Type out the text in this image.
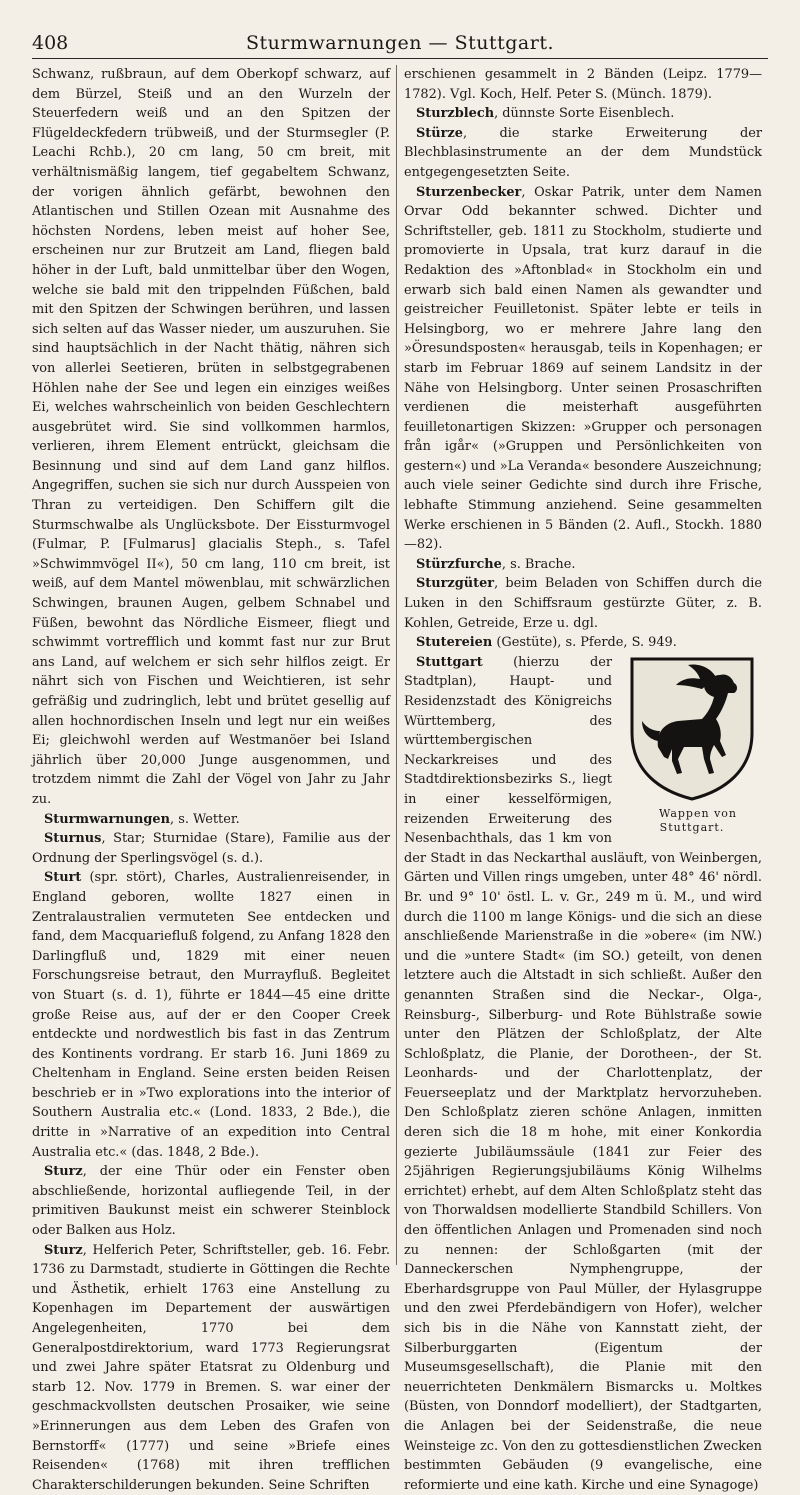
408	Sturmwarnungen — Stuttgart.

Schwanz, rußbraun, auf dem Oberkopf schwarz, auf dem Bürzel, Steiß und an den Wurzeln der Steuerfedern weiß und an den Spitzen der Flügeldeckfedern trübweiß, und der Sturmsegler (P. Leachi Rchb.), 20 cm lang, 50 cm breit, mit verhältnismäßig langem, tief gegabeltem Schwanz, der vorigen ähnlich gefärbt, bewohnen den Atlantischen und Stillen Ozean mit Ausnahme des höchsten Nordens, leben meist auf hoher See, erscheinen nur zur Brutzeit am Land, fliegen bald höher in der Luft, bald unmittelbar über den Wogen, welche sie bald mit den trippelnden Füßchen, bald mit den Spitzen der Schwingen berühren, und lassen sich selten auf das Wasser nieder, um auszuruhen. Sie sind hauptsächlich in der Nacht thätig, nähren sich von allerlei Seetieren, brüten in selbstgegrabenen Höhlen nahe der See und legen ein einziges weißes Ei, welches wahrscheinlich von beiden Geschlechtern ausgebrütet wird. Sie sind vollkommen harmlos, verlieren, ihrem Element entrückt, gleichsam die Besinnung und sind auf dem Land ganz hilflos. Angegriffen, suchen sie sich nur durch Ausspeien von Thran zu verteidigen. Den Schiffern gilt die Sturmschwalbe als Unglücksbote. Der Eissturmvogel (Fulmar, P. [Fulmarus] glacialis Steph., s. Tafel »Schwimmvögel II«), 50 cm lang, 110 cm breit, ist weiß, auf dem Mantel möwenblau, mit schwärzlichen Schwingen, braunen Augen, gelbem Schnabel und Füßen, bewohnt das Nördliche Eismeer, fliegt und schwimmt vortrefflich und kommt fast nur zur Brut ans Land, auf welchem er sich sehr hilflos zeigt. Er nährt sich von Fischen und Weichtieren, ist sehr gefräßig und zudringlich, lebt und brütet gesellig auf allen hochnordischen Inseln und legt nur ein weißes Ei; gleichwohl werden auf Westmanöer bei Island jährlich über 20,000 Junge ausgenommen, und trotzdem nimmt die Zahl der Vögel von Jahr zu Jahr zu.

Sturmwarnungen, s. Wetter.

Sturnus, Star; Sturnidae (Stare), Familie aus der Ordnung der Sperlingsvögel (s. d.).

Sturt (spr. stört), Charles, Australienreisender, in England geboren, wollte 1827 einen in Zentralaustralien vermuteten See entdecken und fand, dem Macquariefluß folgend, zu Anfang 1828 den Darlingfluß und, 1829 mit einer neuen Forschungsreise betraut, den Murrayfluß. Begleitet von Stuart (s. d. 1), führte er 1844—45 eine dritte große Reise aus, auf der er den Cooper Creek entdeckte und nordwestlich bis fast in das Zentrum des Kontinents vordrang. Er starb 16. Juni 1869 zu Cheltenham in England. Seine ersten beiden Reisen beschrieb er in »Two explorations into the interior of Southern Australia etc.« (Lond. 1833, 2 Bde.), die dritte in »Narrative of an expedition into Central Australia etc.« (das. 1848, 2 Bde.).

Sturz, der eine Thür oder ein Fenster oben abschließende, horizontal aufliegende Teil, in der primitiven Baukunst meist ein schwerer Steinblock oder Balken aus Holz.

Sturz, Helferich Peter, Schriftsteller, geb. 16. Febr. 1736 zu Darmstadt, studierte in Göttingen die Rechte und Ästhetik, erhielt 1763 eine Anstellung zu Kopenhagen im Departement der auswärtigen Angelegenheiten, 1770 bei dem Generalpostdirektorium, ward 1773 Regierungsrat und zwei Jahre später Etatsrat zu Oldenburg und starb 12. Nov. 1779 in Bremen. S. war einer der geschmackvollsten deutschen Prosaiker, wie seine »Erinnerungen aus dem Leben des Grafen von Bernstorff« (1777) und seine »Briefe eines Reisenden« (1768) mit ihren trefflichen Charakterschilderungen bekunden. Seine Schriften

erschienen gesammelt in 2 Bänden (Leipz. 1779—1782). Vgl. Koch, Helf. Peter S. (Münch. 1879).

Sturzblech, dünnste Sorte Eisenblech.

Stürze, die starke Erweiterung der Blechblasinstrumente an der dem Mundstück entgegengesetzten Seite.

Sturzenbecker, Oskar Patrik, unter dem Namen Orvar Odd bekannter schwed. Dichter und Schriftsteller, geb. 1811 zu Stockholm, studierte und promovierte in Upsala, trat kurz darauf in die Redaktion des »Aftonblad« in Stockholm ein und erwarb sich bald einen Namen als gewandter und geistreicher Feuilletonist. Später lebte er teils in Helsingborg, wo er mehrere Jahre lang den »Öresundsposten« herausgab, teils in Kopenhagen; er starb im Februar 1869 auf seinem Landsitz in der Nähe von Helsingborg. Unter seinen Prosaschriften verdienen die meisterhaft ausgeführten feuilletonartigen Skizzen: »Grupper och personagen från igår« (»Gruppen und Persönlichkeiten von gestern«) und »La Veranda« besondere Auszeichnung; auch viele seiner Gedichte sind durch ihre Frische, lebhafte Stimmung anziehend. Seine gesammelten Werke erschienen in 5 Bänden (2. Aufl., Stockh. 1880—82).

Stürzfurche, s. Brache.

Sturzgüter, beim Beladen von Schiffen durch die Luken in den Schiffsraum gestürzte Güter, z. B. Kohlen, Getreide, Erze u. dgl.

Stutereien (Gestüte), s. Pferde, S. 949.

Wappen von Stuttgart.
Stuttgart (hierzu der Stadtplan), Haupt- und Residenzstadt des Königreichs Württemberg, des württembergischen Neckarkreises und des Stadtdirektionsbezirks S., liegt in einer kesselförmigen, reizenden Erweiterung des Nesenbachthals, das 1 km von der Stadt in das Neckarthal ausläuft, von Weinbergen, Gärten und Villen rings umgeben, unter 48° 46' nördl. Br. und 9° 10' östl. L. v. Gr., 249 m ü. M., und wird durch die 1100 m lange Königs- und die sich an diese anschließende Marienstraße in die »obere« (im NW.) und die »untere Stadt« (im SO.) geteilt, von denen letztere auch die Altstadt in sich schließt. Außer den genannten Straßen sind die Neckar-, Olga-, Reinsburg-, Silberburg- und Rote Bühlstraße sowie unter den Plätzen der Schloßplatz, der Alte Schloßplatz, die Planie, der Dorotheen-, der St. Leonhards- und der Charlottenplatz, der Feuerseeplatz und der Marktplatz hervorzuheben. Den Schloßplatz zieren schöne Anlagen, inmitten deren sich die 18 m hohe, mit einer Konkordia gezierte Jubiläumssäule (1841 zur Feier des 25jährigen Regierungsjubiläums König Wilhelms errichtet) erhebt, auf dem Alten Schloßplatz steht das von Thorwaldsen modellierte Standbild Schillers. Von den öffentlichen Anlagen und Promenaden sind noch zu nennen: der Schloßgarten (mit der Danneckerschen Nymphengruppe, der Eberhardsgruppe von Paul Müller, der Hylasgruppe und den zwei Pferdebändigern von Hofer), welcher sich bis in die Nähe von Kannstatt zieht, der Silberburggarten (Eigentum der Museumsgesellschaft), die Planie mit den neuerrichteten Denkmälern Bismarcks u. Moltkes (Büsten, von Donndorf modelliert), der Stadtgarten, die Anlagen bei der Seidenstraße, die neue Weinsteige zc. Von den zu gottesdienstlichen Zwecken bestimmten Gebäuden (9 evangelische, eine reformierte und eine kath. Kirche und eine Synagoge)
